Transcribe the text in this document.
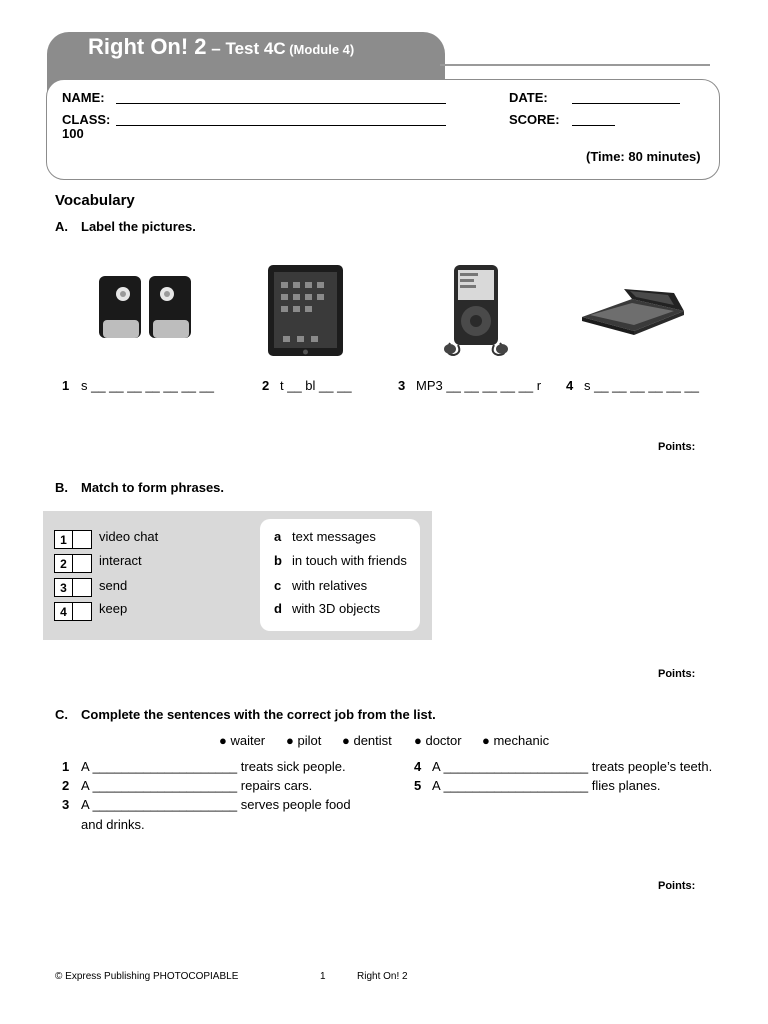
Right On! 2 – Test 4C (Module 4)
NAME:	DATE:
CLASS:	SCORE:
100
(Time: 80 minutes)
Vocabulary
A. Label the pictures.
1 s __ __ __ __ __ __ __	2 t __ bl __ __	3 MP3 __ __ __ __ __ r 4 s __ __ __ __ __ __
Points:
B. Match to form phrases.
1	video chat
2	interact
3	send
4	keep
a text messages
b in touch with friends
c with relatives
d with 3D objects
Points:
C. Complete the sentences with the correct job from the list.
● waiter ● pilot ● dentist ● doctor ● mechanic
1 A ____________________ treats sick people.
2 A ____________________ repairs cars.
3 A ____________________ serves people food
and drinks.
4 A ____________________ treats people’s teeth.
5 A ____________________ flies planes.
Points:
© Express Publishing PHOTOCOPIABLE	1	Right On! 2
